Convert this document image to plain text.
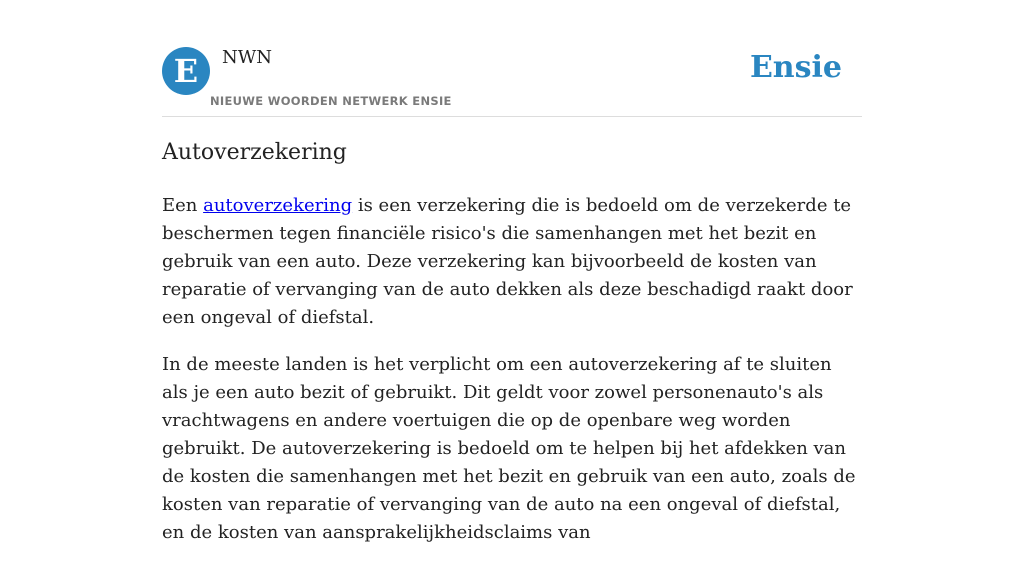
E	NWN
NIEUWE WOORDEN NETWERK ENSIE
Ensie
Autoverzekering

Een autoverzekering is een verzekering die is bedoeld om de verzekerde te beschermen tegen financiële risico's die samenhangen met het bezit en gebruik van een auto. Deze verzekering kan bijvoorbeeld de kosten van reparatie of vervanging van de auto dekken als deze beschadigd raakt door een ongeval of diefstal.

In de meeste landen is het verplicht om een autoverzekering af te sluiten als je een auto bezit of gebruikt. Dit geldt voor zowel personenauto's als vrachtwagens en andere voertuigen die op de openbare weg worden gebruikt. De autoverzekering is bedoeld om te helpen bij het afdekken van de kosten die samenhangen met het bezit en gebruik van een auto, zoals de kosten van reparatie of vervanging van de auto na een ongeval of diefstal, en de kosten van aansprakelijkheidsclaims van
